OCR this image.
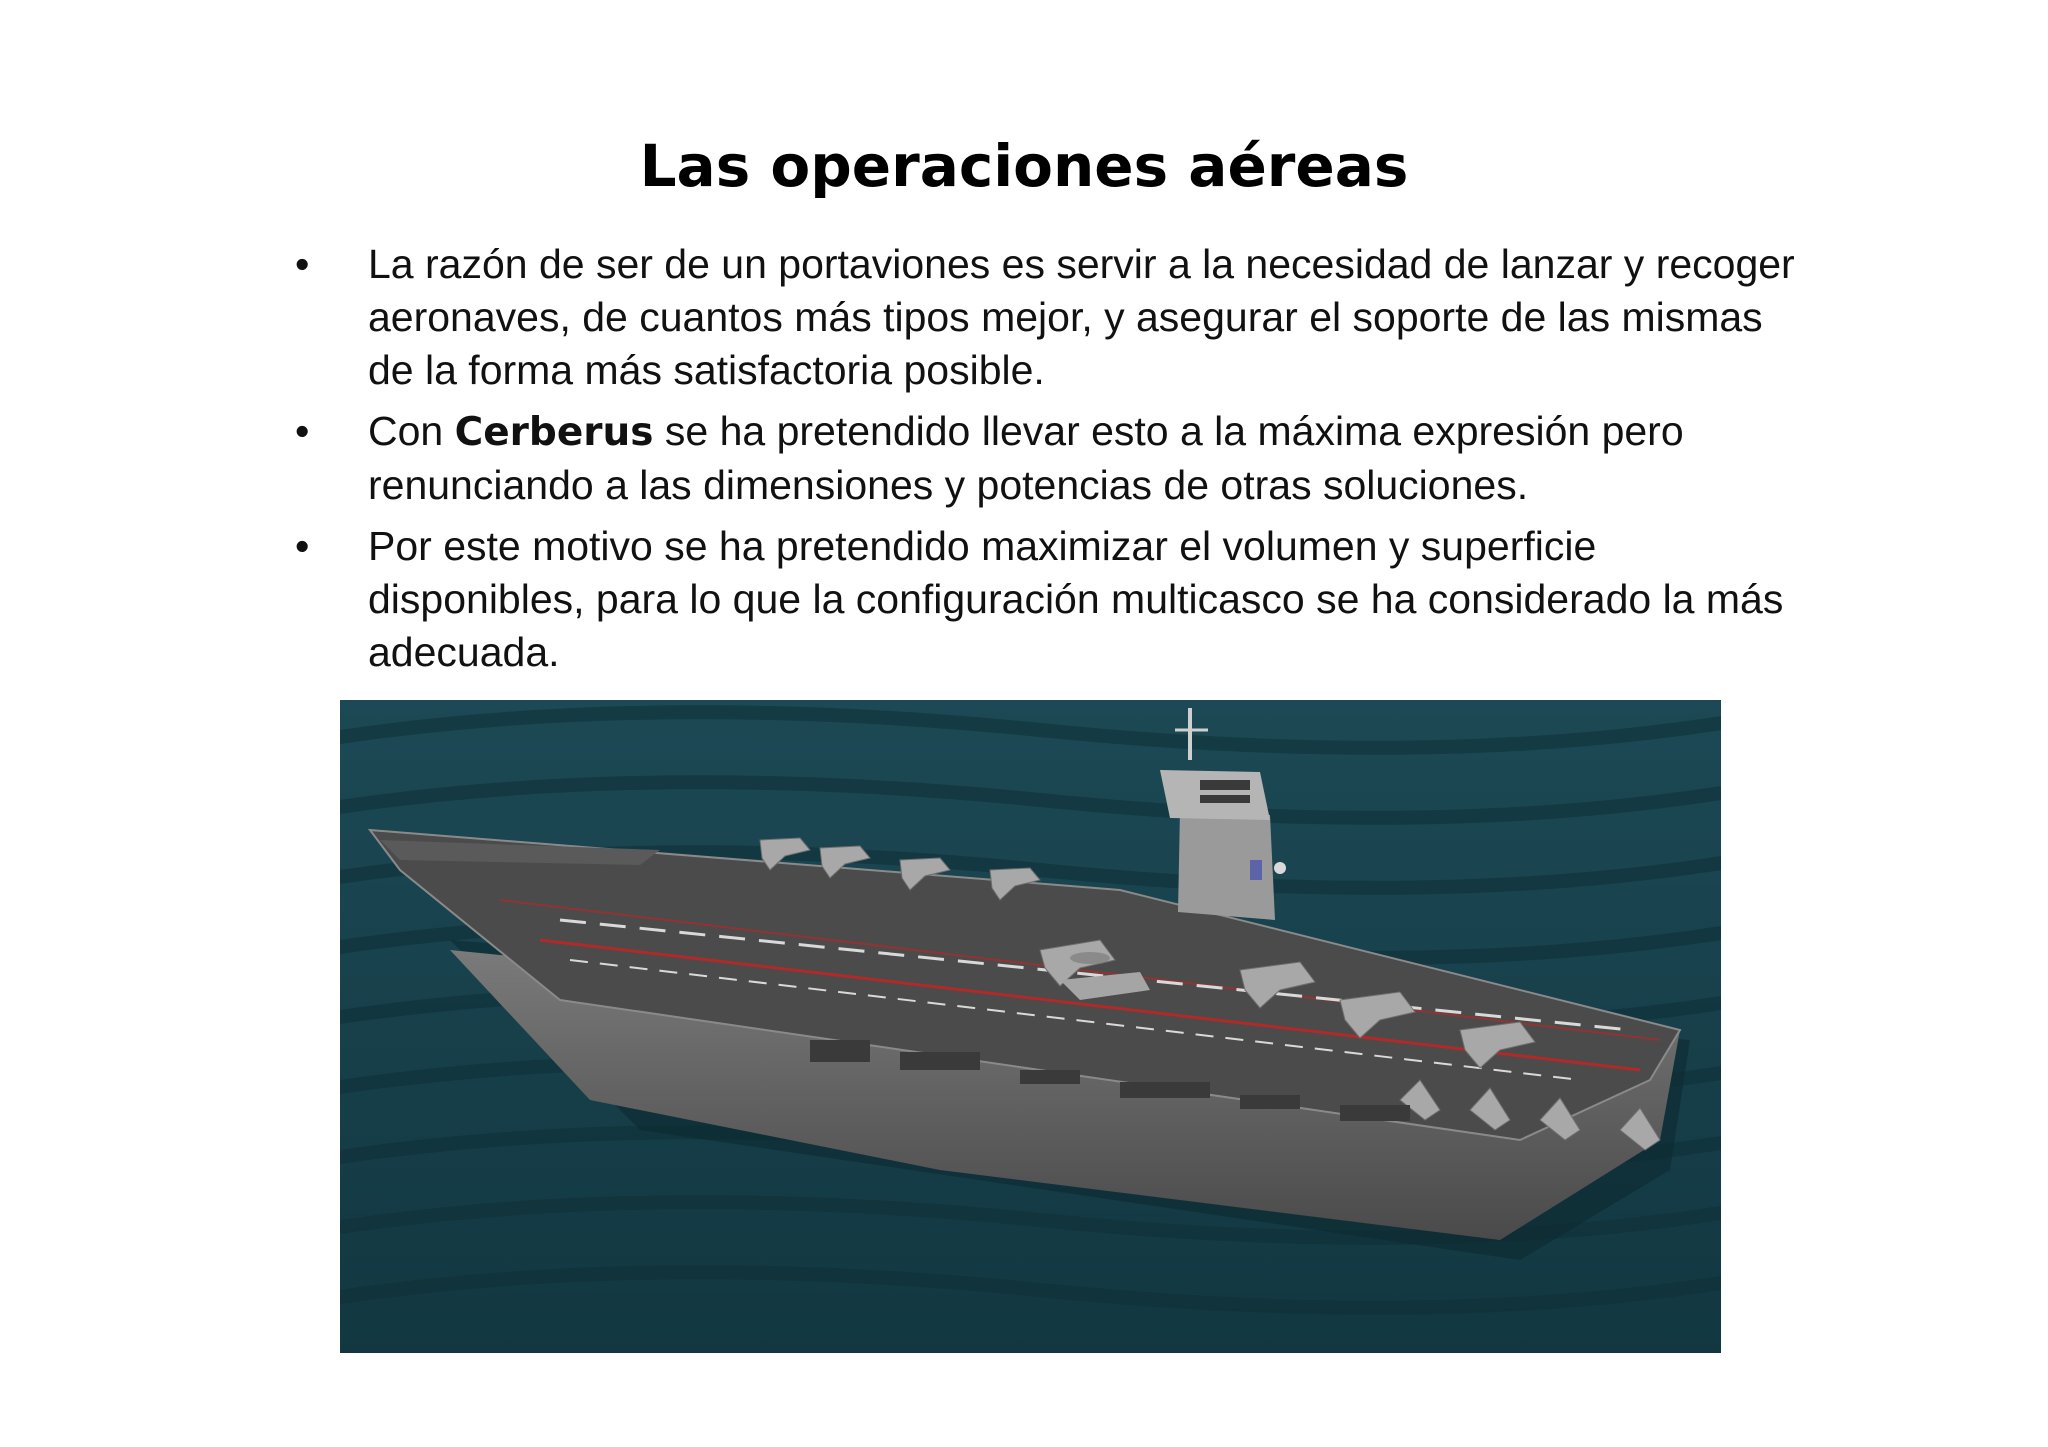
Las operaciones aéreas
•	La razón de ser de un portaviones es servir a la necesidad de lanzar y recoger aeronaves, de cuantos más tipos mejor, y asegurar el soporte de las mismas de la forma más satisfactoria posible.
•	Con Cerberus se ha pretendido llevar esto a la máxima expresión pero renunciando a las dimensiones y potencias de otras soluciones.
•	Por este motivo se ha pretendido maximizar el volumen y superficie disponibles, para lo que la configuración multicasco se ha considerado la más adecuada.
